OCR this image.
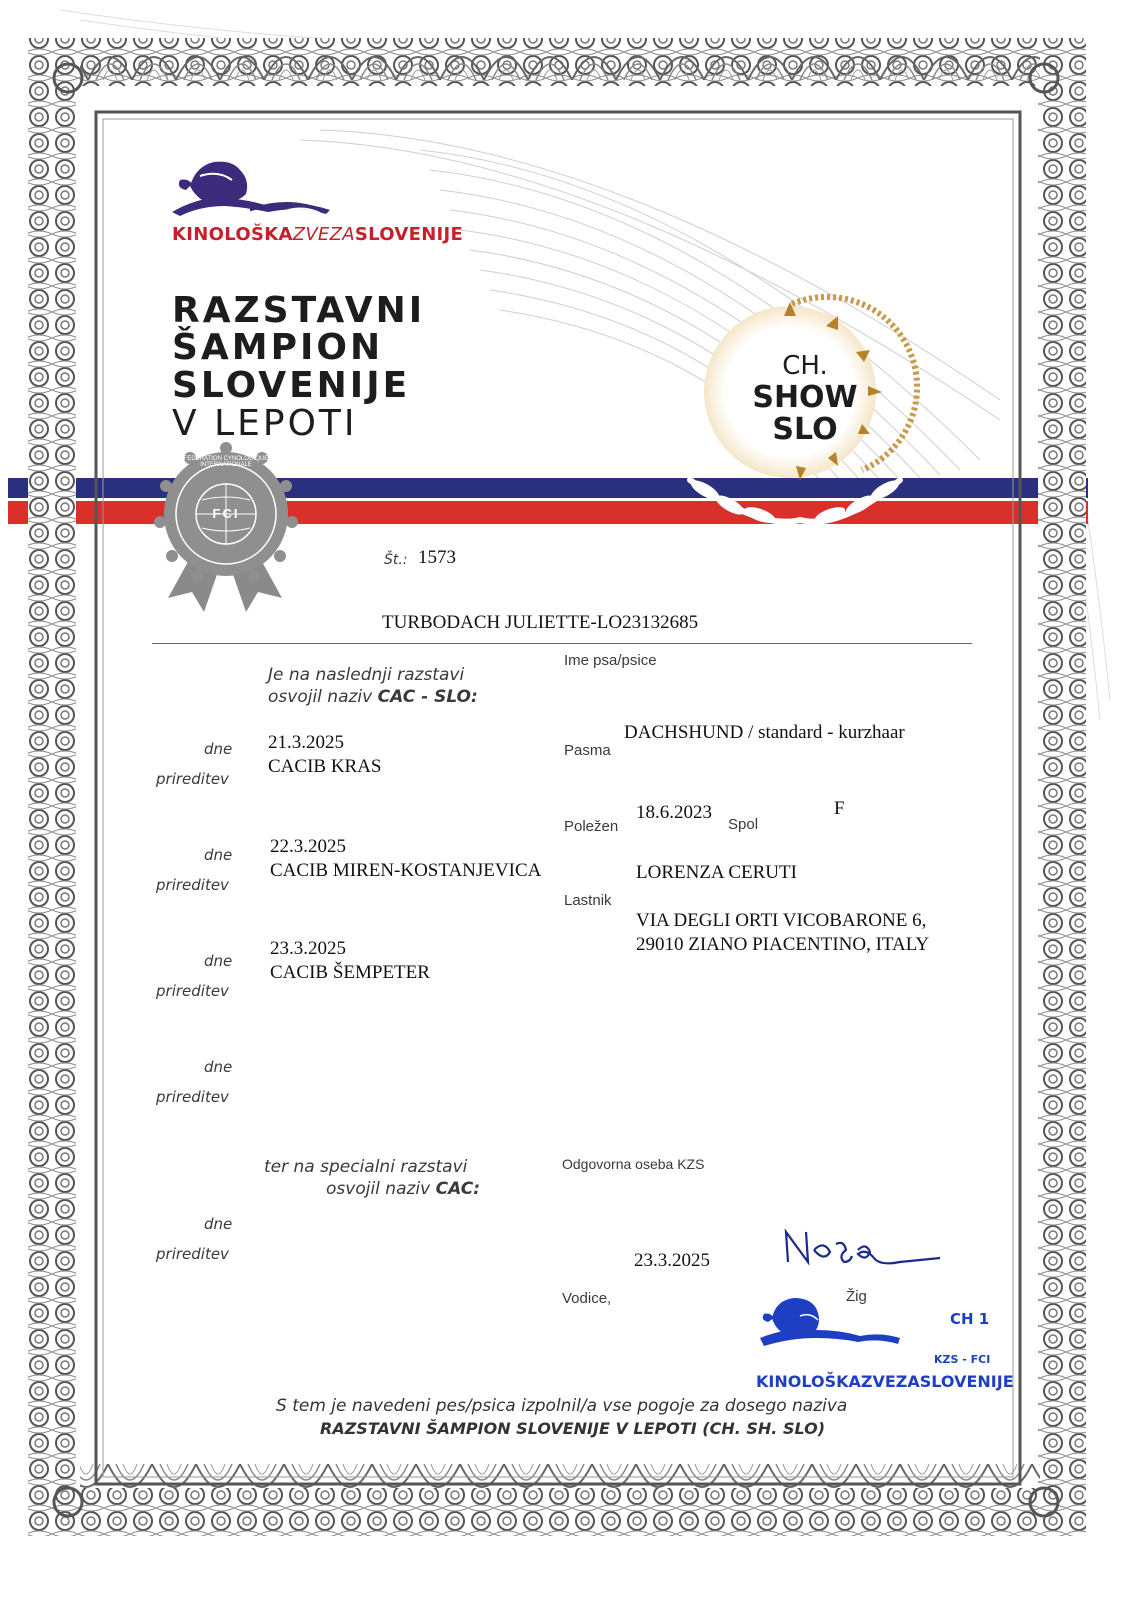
KINOLOŠKAZVEZASLOVENIJE
RAZSTAVNI
ŠAMPION
SLOVENIJE
V LEPOTI
CH.
SHOW
SLO
FCI
FEDERATION CYNOLOGIQUE INTERNATIONALE
Št.: 1573
TURBODACH JULIETTE-LO23132685
Ime psa/psice
Je na naslednji razstavi
osvojil naziv CAC - SLO:
dne
prireditev
21.3.2025
CACIB KRAS
dne
prireditev
22.3.2025
CACIB MIREN-KOSTANJEVICA
dne
prireditev
23.3.2025
CACIB ŠEMPETER
dne
prireditev
Pasma
DACHSHUND / standard - kurzhaar
Poležen
18.6.2023
Spol
F
LORENZA CERUTI
Lastnik
VIA DEGLI ORTI VICOBARONE 6,
29010 ZIANO PIACENTINO, ITALY
ter na specialni razstavi
osvojil naziv CAC:
dne
prireditev
Odgovorna oseba KZS
23.3.2025
Vodice,	Žig
CH 1
KZS - FCI
KINOLOŠKAZVEZASLOVENIJE
S tem je navedeni pes/psica izpolnil/a vse pogoje za dosego naziva
RAZSTAVNI ŠAMPION SLOVENIJE V LEPOTI (CH. SH. SLO)
